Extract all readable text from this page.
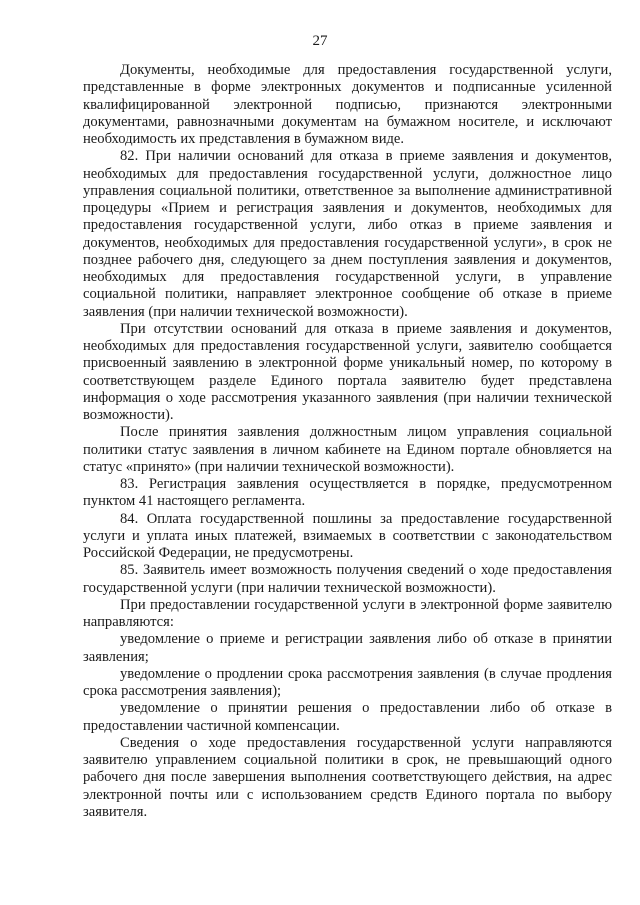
27

Документы, необходимые для предоставления государственной услуги, представленные в форме электронных документов и подписанные усиленной квалифицированной электронной подписью, признаются электронными документами, равнозначными документам на бумажном носителе, и исключают необходимость их представления в бумажном виде.

82. При наличии оснований для отказа в приеме заявления и документов, необходимых для предоставления государственной услуги, должностное лицо управления социальной политики, ответственное за выполнение административной процедуры «Прием и регистрация заявления и документов, необходимых для предоставления государственной услуги, либо отказ в приеме заявления и документов, необходимых для предоставления государственной услуги», в срок не позднее рабочего дня, следующего за днем поступления заявления и документов, необходимых для предоставления государственной услуги, в управление социальной политики, направляет электронное сообщение об отказе в приеме заявления (при наличии технической возможности).

При отсутствии оснований для отказа в приеме заявления и документов, необходимых для предоставления государственной услуги, заявителю сообщается присвоенный заявлению в электронной форме уникальный номер, по которому в соответствующем разделе Единого портала заявителю будет представлена информация о ходе рассмотрения указанного заявления (при наличии технической возможности).

После принятия заявления должностным лицом управления социальной политики статус заявления в личном кабинете на Едином портале обновляется на статус «принято» (при наличии технической возможности).

83. Регистрация заявления осуществляется в порядке, предусмотренном пунктом 41 настоящего регламента.

84. Оплата государственной пошлины за предоставление государственной услуги и уплата иных платежей, взимаемых в соответствии с законодательством Российской Федерации, не предусмотрены.

85. Заявитель имеет возможность получения сведений о ходе предоставления государственной услуги (при наличии технической возможности).

При предоставлении государственной услуги в электронной форме заявителю направляются:

уведомление о приеме и регистрации заявления либо об отказе в принятии заявления;

уведомление о продлении срока рассмотрения заявления (в случае продления срока рассмотрения заявления);

уведомление о принятии решения о предоставлении либо об отказе в предоставлении частичной компенсации.

Сведения о ходе предоставления государственной услуги направляются заявителю управлением социальной политики в срок, не превышающий одного рабочего дня после завершения выполнения соответствующего действия, на адрес электронной почты или с использованием средств Единого портала по выбору заявителя.
